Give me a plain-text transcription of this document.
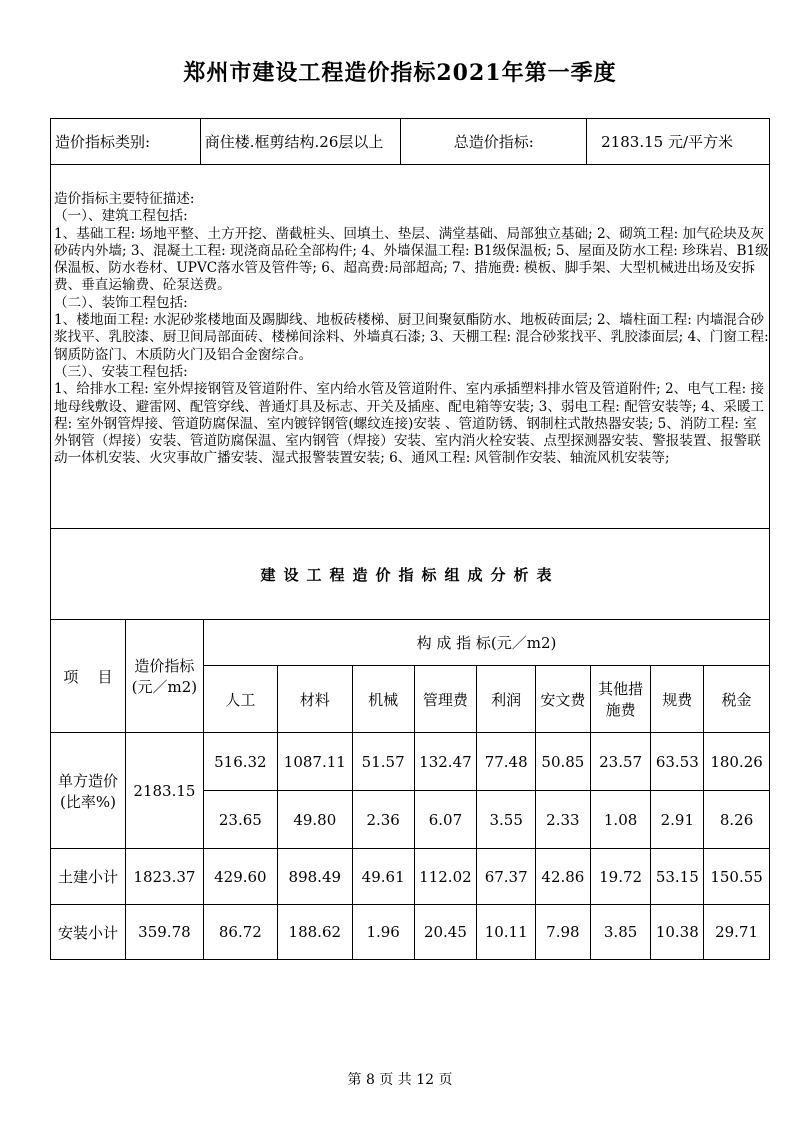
郑州市建设工程造价指标2021年第一季度
造价指标类别:	商住楼.框剪结构.26层以上	总造价指标:	2183.15 元/平方米
造价指标主要特征描述:
（一）、建筑工程包括:
1、基础工程: 场地平整、土方开挖、凿截桩头、回填土、垫层、满堂基础、局部独立基础; 2、砌筑工程: 加气砼块及灰砂砖内外墙; 3、混凝土工程: 现浇商品砼全部构件; 4、外墙保温工程: B1级保温板; 5、屋面及防水工程: 珍珠岩、B1级保温板、防水卷材、UPVC落水管及管件等; 6、超高费:局部超高; 7、措施费: 模板、脚手架、大型机械进出场及安拆费、垂直运输费、砼泵送费。
（二）、装饰工程包括:
1、楼地面工程: 水泥砂浆楼地面及踢脚线、地板砖楼梯、厨卫间聚氨酯防水、地板砖面层; 2、墙柱面工程: 内墙混合砂浆找平、乳胶漆、厨卫间局部面砖、楼梯间涂料、外墙真石漆; 3、天棚工程: 混合砂浆找平、乳胶漆面层; 4、门窗工程: 钢质防盗门、木质防火门及铝合金窗综合。
（三）、安装工程包括:
1、给排水工程: 室外焊接钢管及管道附件、室内给水管及管道附件、室内承插塑料排水管及管道附件; 2、电气工程: 接地母线敷设、避雷网、配管穿线、普通灯具及标志、开关及插座、配电箱等安装; 3、弱电工程: 配管安装等; 4、采暖工程: 室外钢管焊接、管道防腐保温、室内镀锌钢管(螺纹连接)安装 、管道防锈、钢制柱式散热器安装; 5、消防工程: 室外钢管（焊接）安装、管道防腐保温、室内钢管（焊接）安装、室内消火栓安装、点型探测器安装、警报装置、报警联动一体机安装、火灾事故广播安装、湿式报警装置安装; 6、通风工程: 风管制作安装、轴流风机安装等;
建设工程造价指标组成分析表
项    目	造价指标(元／m2)	构 成 指 标(元／m2)								
		人工	材料	机械	管理费	利润	安文费	其他措施费	规费	税金
单方造价(比率%)	2183.15	516.32	1087.11	51.57	132.47	77.48	50.85	23.57	63.53	180.26
		23.65	49.80	2.36	6.07	3.55	2.33	1.08	2.91	8.26
土建小计	1823.37	429.60	898.49	49.61	112.02	67.37	42.86	19.72	53.15	150.55
安装小计	359.78	86.72	188.62	1.96	20.45	10.11	7.98	3.85	10.38	29.71
第 8 页 共 12 页
